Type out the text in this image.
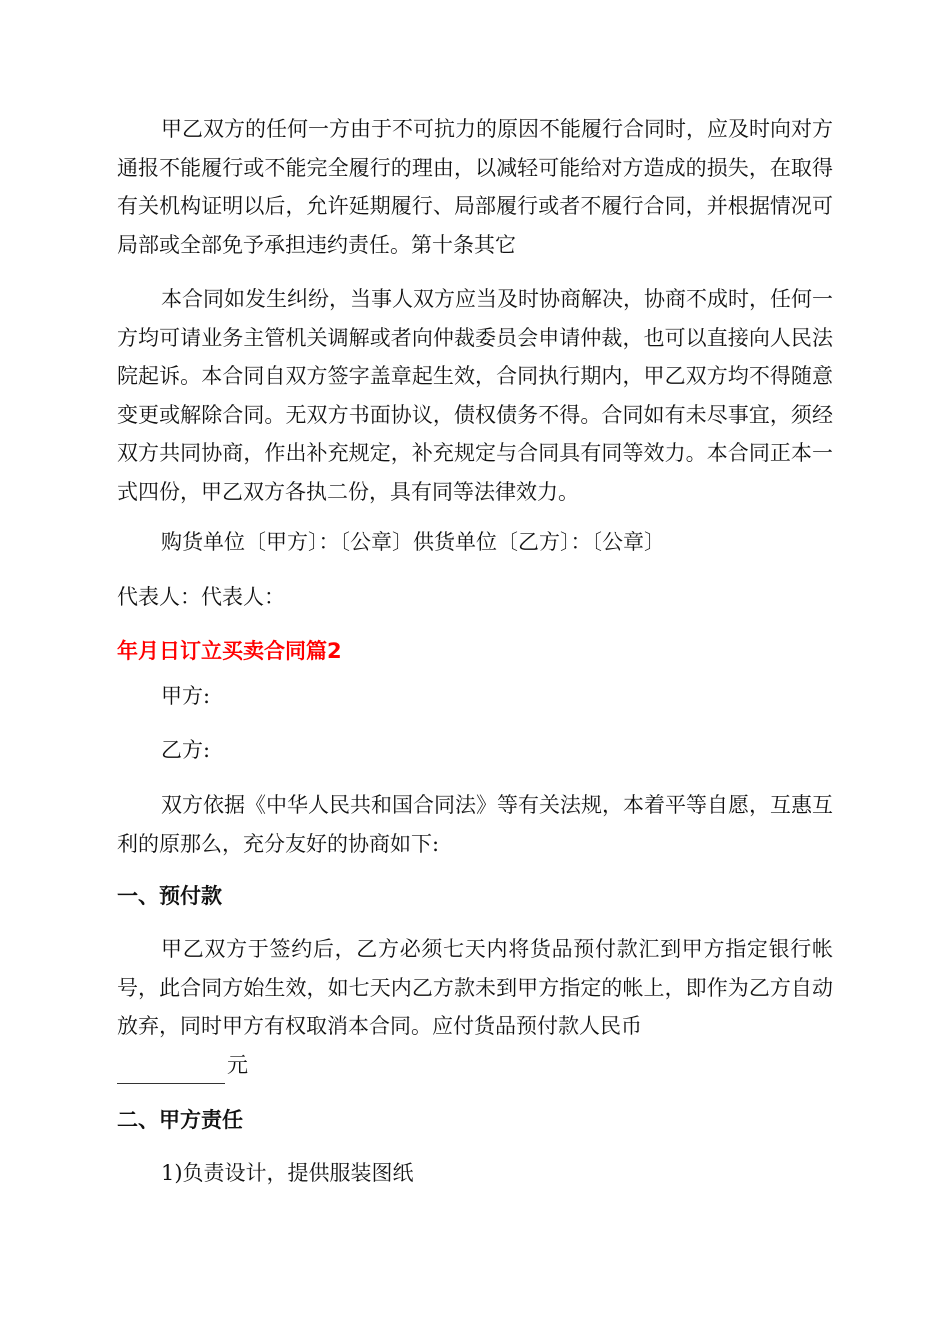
甲乙双方的任何一方由于不可抗力的原因不能履行合同时，应及时向对方通报不能履行或不能完全履行的理由，以减轻可能给对方造成的损失，在取得有关机构证明以后，允许延期履行、局部履行或者不履行合同，并根据情况可局部或全部免予承担违约责任。第十条其它

本合同如发生纠纷，当事人双方应当及时协商解决，协商不成时，任何一方均可请业务主管机关调解或者向仲裁委员会申请仲裁，也可以直接向人民法院起诉。本合同自双方签字盖章起生效，合同执行期内，甲乙双方均不得随意变更或解除合同。无双方书面协议，债权债务不得。合同如有未尽事宜，须经双方共同协商，作出补充规定，补充规定与合同具有同等效力。本合同正本一式四份，甲乙双方各执二份，具有同等法律效力。

购货单位〔甲方〕：〔公章〕供货单位〔乙方〕：〔公章〕

代表人：代表人：

年月日订立买卖合同篇2

甲方:

乙方:

双方依据《中华人民共和国合同法》等有关法规，本着平等自愿，互惠互利的原那么，充分友好的协商如下:

一、预付款

甲乙双方于签约后，乙方必须七天内将货品预付款汇到甲方指定银行帐号，此合同方始生效，如七天内乙方款未到甲方指定的帐上，即作为乙方自动放弃，同时甲方有权取消本合同。应付货品预付款人民币

元

二、甲方责任

1)负责设计，提供服装图纸
